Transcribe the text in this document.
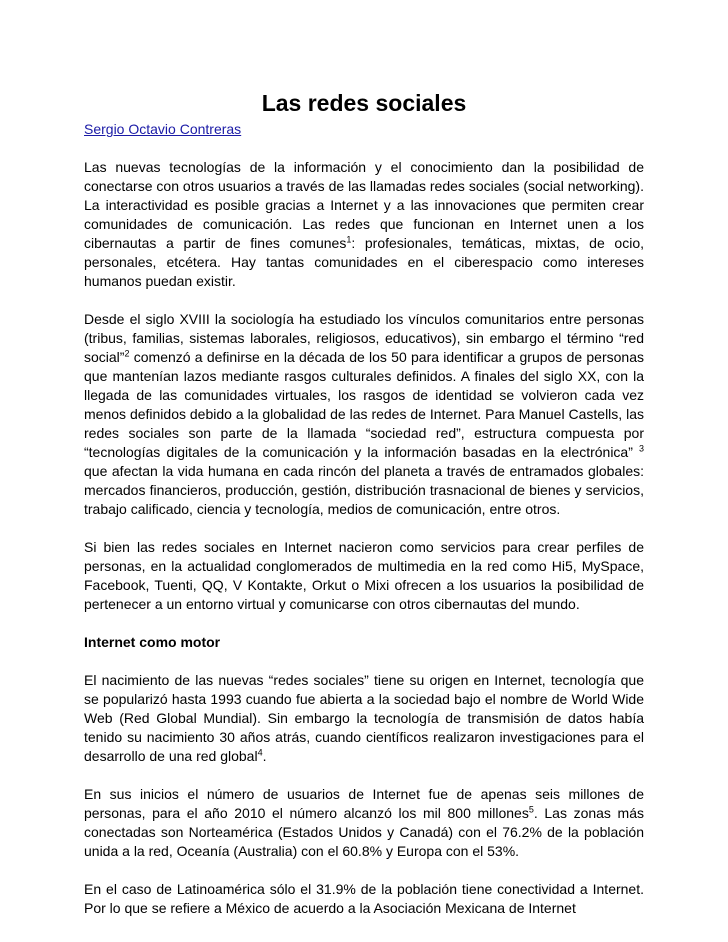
Las redes sociales
Sergio Octavio Contreras

Las nuevas tecnologías de la información y el conocimiento dan la posibilidad de conectarse con otros usuarios a través de las llamadas redes sociales (social networking). La interactividad es posible gracias a Internet y a las innovaciones que permiten crear comunidades de comunicación. Las redes que funcionan en Internet unen a los cibernautas a partir de fines comunes$^1$: profesionales, temáticas, mixtas, de ocio, personales, etcétera. Hay tantas comunidades en el ciberespacio como intereses humanos puedan existir.

Desde el siglo XVIII la sociología ha estudiado los vínculos comunitarios entre personas (tribus, familias, sistemas laborales, religiosos, educativos), sin embargo el término “red social”$^2$ comenzó a definirse en la década de los 50 para identificar a grupos de personas que mantenían lazos mediante rasgos culturales definidos. A finales del siglo XX, con la llegada de las comunidades virtuales, los rasgos de identidad se volvieron cada vez menos definidos debido a la globalidad de las redes de Internet. Para Manuel Castells, las redes sociales son parte de la llamada “sociedad red”, estructura compuesta por “tecnologías digitales de la comunicación y la información basadas en la electrónica” $^3$ que afectan la vida humana en cada rincón del planeta a través de entramados globales: mercados financieros, producción, gestión, distribución trasnacional de bienes y servicios, trabajo calificado, ciencia y tecnología, medios de comunicación, entre otros.

Si bien las redes sociales en Internet nacieron como servicios para crear perfiles de personas, en la actualidad conglomerados de multimedia en la red como Hi5, MySpace, Facebook, Tuenti, QQ, V Kontakte, Orkut o Mixi ofrecen a los usuarios la posibilidad de pertenecer a un entorno virtual y comunicarse con otros cibernautas del mundo.

Internet como motor

El nacimiento de las nuevas “redes sociales” tiene su origen en Internet, tecnología que se popularizó hasta 1993 cuando fue abierta a la sociedad bajo el nombre de World Wide Web (Red Global Mundial). Sin embargo la tecnología de transmisión de datos había tenido su nacimiento 30 años atrás, cuando científicos realizaron investigaciones para el desarrollo de una red global$^4$.

En sus inicios el número de usuarios de Internet fue de apenas seis millones de personas, para el año 2010 el número alcanzó los mil 800 millones$^5$. Las zonas más conectadas son Norteamérica (Estados Unidos y Canadá) con el 76.2% de la población unida a la red, Oceanía (Australia) con el 60.8% y Europa con el 53%.

En el caso de Latinoamérica sólo el 31.9% de la población tiene conectividad a Internet. Por lo que se refiere a México de acuerdo a la Asociación Mexicana de Internet
